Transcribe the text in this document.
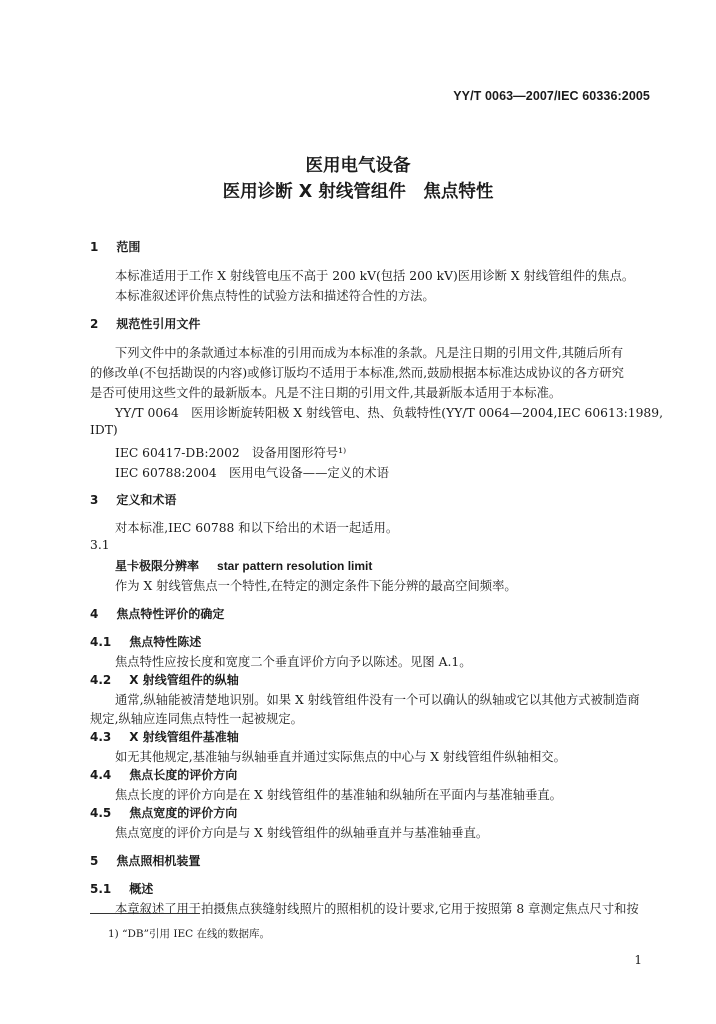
YY/T 0063—2007/IEC 60336:2005
医用电气设备
医用诊断 X 射线管组件　焦点特性
1 范围
本标准适用于工作 X 射线管电压不高于 200 kV(包括 200 kV)医用诊断 X 射线管组件的焦点。
本标准叙述评价焦点特性的试验方法和描述符合性的方法。
2 规范性引用文件
下列文件中的条款通过本标准的引用而成为本标准的条款。凡是注日期的引用文件,其随后所有
的修改单(不包括勘误的内容)或修订版均不适用于本标准,然而,鼓励根据本标准达成协议的各方研究
是否可使用这些文件的最新版本。凡是不注日期的引用文件,其最新版本适用于本标准。
YY/T 0064　医用诊断旋转阳极 X 射线管电、热、负载特性(YY/T 0064—2004,IEC 60613:1989,
IDT)
IEC 60417-DB:2002　设备用图形符号¹⁾
IEC 60788:2004　医用电气设备——定义的术语
3 定义和术语
对本标准,IEC 60788 和以下给出的术语一起适用。
3.1
星卡极限分辨率 star pattern resolution limit
作为 X 射线管焦点一个特性,在特定的测定条件下能分辨的最高空间频率。
4 焦点特性评价的确定
4.1 焦点特性陈述
焦点特性应按长度和宽度二个垂直评价方向予以陈述。见图 A.1。
4.2 X 射线管组件的纵轴
通常,纵轴能被清楚地识别。如果 X 射线管组件没有一个可以确认的纵轴或它以其他方式被制造商
规定,纵轴应连同焦点特性一起被规定。
4.3 X 射线管组件基准轴
如无其他规定,基准轴与纵轴垂直并通过实际焦点的中心与 X 射线管组件纵轴相交。
4.4 焦点长度的评价方向
焦点长度的评价方向是在 X 射线管组件的基准轴和纵轴所在平面内与基准轴垂直。
4.5 焦点宽度的评价方向
焦点宽度的评价方向是与 X 射线管组件的纵轴垂直并与基准轴垂直。
5 焦点照相机装置
5.1 概述
本章叙述了用于拍摄焦点狭缝射线照片的照相机的设计要求,它用于按照第 8 章测定焦点尺寸和按
1) “DB”引用 IEC 在线的数据库。
1
